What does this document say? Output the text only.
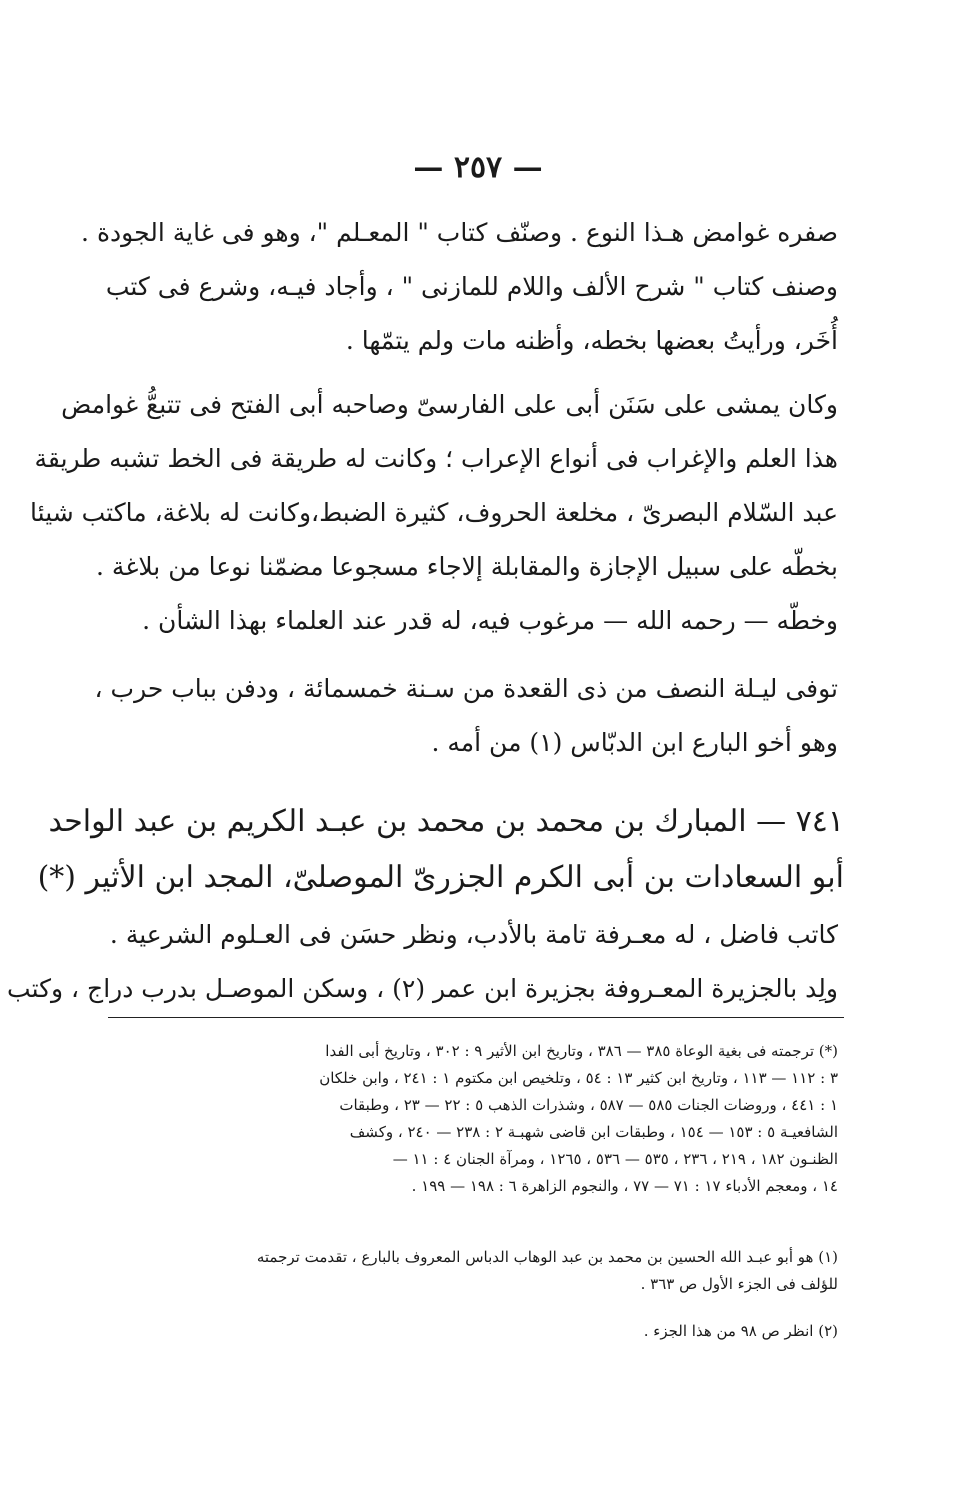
— ٢٥٧ —
صفره غوامض هـذا النوع . وصنّف كتاب " المعـلم "، وهو فى غاية الجودة .
وصنف كتاب " شرح الألف واللام للمازنى " ، وأجاد فيـه، وشرع فى كتب
أُخَر، ورأيتُ بعضها بخطه، وأظنه مات ولم يتمّها .
وكان يمشى على سَنَن أبى على الفارسىّ وصاحبه أبى الفتح فى تتبعُّ غوامض
هذا العلم والإغراب فى أنواع الإعراب ؛ وكانت له طريقة فى الخط تشبه طريقة
عبد السّلام البصرىّ ، مخلعة الحروف، كثيرة الضبط،وكانت له بلاغة، ماكتب شيئا
بخطّه على سبيل الإجازة والمقابلة إلاجاء مسجوعا مضمّنا نوعا من بلاغة .
وخطّه — رحمه الله — مرغوب فيه، له قدر عند العلماء بهذا الشأن .
توفى ليـلة النصف من ذى القعدة من سـنة خمسمائة ، ودفن بباب حرب ،
وهو أخو البارع ابن الدبّاس (١) من أمه .
٧٤١ — المبارك بن محمد بن محمد بن عبـد الكريم بن عبد الواحد
أبو السعادات بن أبى الكرم الجزرىّ الموصلىّ، المجد ابن الأثير (*)
كاتب فاضل ، له معـرفة تامة بالأدب، ونظر حسَن فى العـلوم الشرعية .
ولِد بالجزيرة المعـروفة بجزيرة ابن عمر (٢) ، وسكن الموصـل بدرب دراج ، وكتب
(*) ترجمته فى بغية الوعاة ٣٨٥ — ٣٨٦ ، وتاريخ ابن الأثير ٩ : ٣٠٢ ، وتاريخ أبى الفدا
٣ : ١١٢ — ١١٣ ، وتاريخ ابن كثير ١٣ : ٥٤ ، وتلخيص ابن مكتوم ١ : ٢٤١ ، وابن خلكان
١ : ٤٤١ ، وروضات الجنات ٥٨٥ — ٥٨٧ ، وشذرات الذهب ٥ : ٢٢ — ٢٣ ، وطبقات
الشافعيـة ٥ : ١٥٣ — ١٥٤ ، وطبقات ابن قاضى شهبـة ٢ : ٢٣٨ — ٢٤٠ ، وكشف
الظنـون ١٨٢ ، ٢١٩ ، ٢٣٦ ، ٥٣٥ — ٥٣٦ ، ١٢٦٥ ، ومرآة الجنان ٤ : ١١ —
١٤ ، ومعجم الأدباء ١٧ : ٧١ — ٧٧ ، والنجوم الزاهرة ٦ : ١٩٨ — ١٩٩ .
(١) هو أبو عبـد الله الحسين بن محمد بن عبد الوهاب الدباس المعروف بالبارع ، تقدمت ترجمته
للؤلف فى الجزء الأول ص ٣٦٣ .
(٢) انظر ص ٩٨ من هذا الجزء .
